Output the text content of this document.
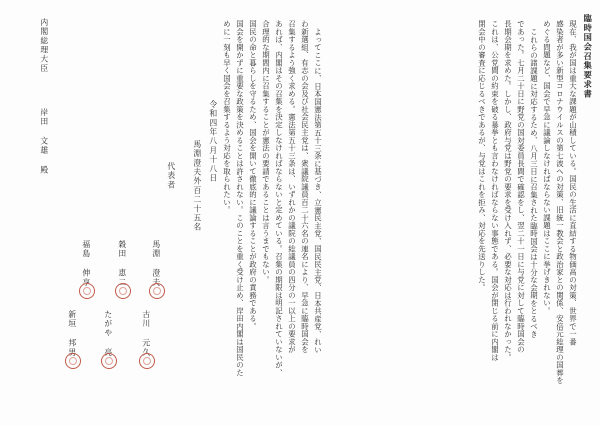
臨時国会召集要求書
現在、我が国は重大な課題が山積している。国民の生活に直結する物価高の対策、世界で一番
感染者が多い新型コロナウイルスの第七波への対策、旧統一教会と政治家との関係、安倍元総理の国葬を
めぐる問題など、国会で早急に議論しなければならない課題はここに挙げきれない。
これらの諸課題に対応するため、八月三日に召集された臨時国会は十分な会期をとるべき
であった。七月二十日に野党の国対委員長間で確認をし、翌二十一日に与党に対して臨時国会の
長期会期を求めた。しかし、政府与党は野党の要求を受け入れず、必要な対応は行われなかった。
これは、公党間の約束を破る暴挙とも言わなければならない事態である。国会が閉じる前に内閣は
閉会中の審査に応じるべきであるが、与党はこれを拒み、対応を先送りした。
よってここに、日本国憲法第五十三条に基づき、立憲民主党、国民民主党、日本共産党、れい
わ新選組、有志の会及び社会民主党は、衆議院議員百二十六名の連名により、早急に臨時国会を
召集するよう強く求める。憲法第五十三条は、いずれかの議院の総議員の四分の一以上の要求が
あれば、内閣はその召集を決定しなければならないと定めている。召集の期限は明記されていないが、
合理的な期間内に召集することが憲法の要請であることは言うまでもない。
国民の命と暮らしを守るため、国会を開いて徹底的に議論することが政府の責務である。
国会を開かずに重要な政策を決めることは許されない。このことを重く受け止め、岸田内閣は国民のた
めに一刻も早く国会を召集するよう対応を取られたい。
令和四年八月十八日
馬淵澄夫外百二十五名
代表者
馬淵 澄夫
古川 元久
穀田 恵二
たがや 亮
福島 伸享
新垣 邦男
内閣総理大臣
岸田 文雄 殿
